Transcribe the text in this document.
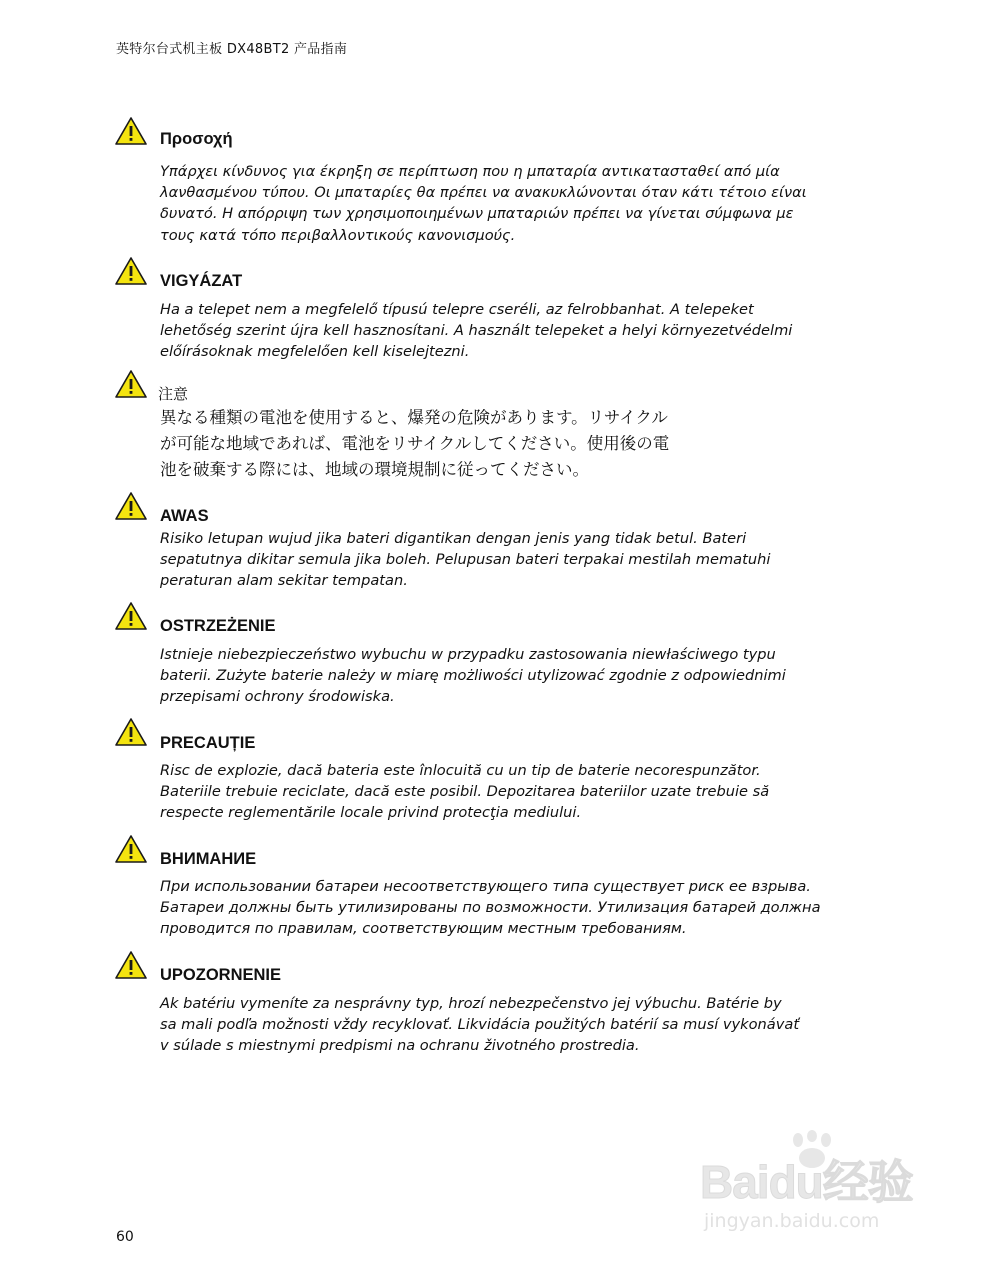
英特尔台式机主板 DX48BT2 产品指南
Προσοχή
Υπάρχει κίνδυνος για έκρηξη σε περίπτωση που η μπαταρία αντικατασταθεί από μία
λανθασμένου τύπου. Οι μπαταρίες θα πρέπει να ανακυκλώνονται όταν κάτι τέτοιο είναι
δυνατό. Η απόρριψη των χρησιμοποιημένων μπαταριών πρέπει να γίνεται σύμφωνα με
τους κατά τόπο περιβαλλοντικούς κανονισμούς.
VIGYÁZAT
Ha a telepet nem a megfelelő típusú telepre cseréli, az felrobbanhat. A telepeket
lehetőség szerint újra kell hasznosítani. A használt telepeket a helyi környezetvédelmi
előírásoknak megfelelően kell kiselejtezni.
注意
異なる種類の電池を使用すると、爆発の危険があります。リサイクル
が可能な地域であれば、電池をリサイクルしてください。使用後の電
池を破棄する際には、地域の環境規制に従ってください。
AWAS
Risiko letupan wujud jika bateri digantikan dengan jenis yang tidak betul. Bateri
sepatutnya dikitar semula jika boleh. Pelupusan bateri terpakai mestilah mematuhi
peraturan alam sekitar tempatan.
OSTRZEŻENIE
Istnieje niebezpieczeństwo wybuchu w przypadku zastosowania niewłaściwego typu
baterii. Zużyte baterie należy w miarę możliwości utylizować zgodnie z odpowiednimi
przepisami ochrony środowiska.
PRECAUȚIE
Risc de explozie, dacă bateria este înlocuită cu un tip de baterie necorespunzător.
Bateriile trebuie reciclate, dacă este posibil. Depozitarea bateriilor uzate trebuie să
respecte reglementările locale privind protecţia mediului.
ВНИМАНИЕ
При использовании батареи несоответствующего типа существует риск ее взрыва.
Батареи должны быть утилизированы по возможности. Утилизация батарей должна
проводится по правилам, соответствующим местным требованиям.
UPOZORNENIE
Ak batériu vymeníte za nesprávny typ, hrozí nebezpečenstvo jej výbuchu. Batérie by
sa mali podľa možnosti vždy recyklovať. Likvidácia použitých batérií sa musí vykonávať
v súlade s miestnymi predpismi na ochranu životného prostredia.
60
Baidu经验
jingyan.baidu.com
